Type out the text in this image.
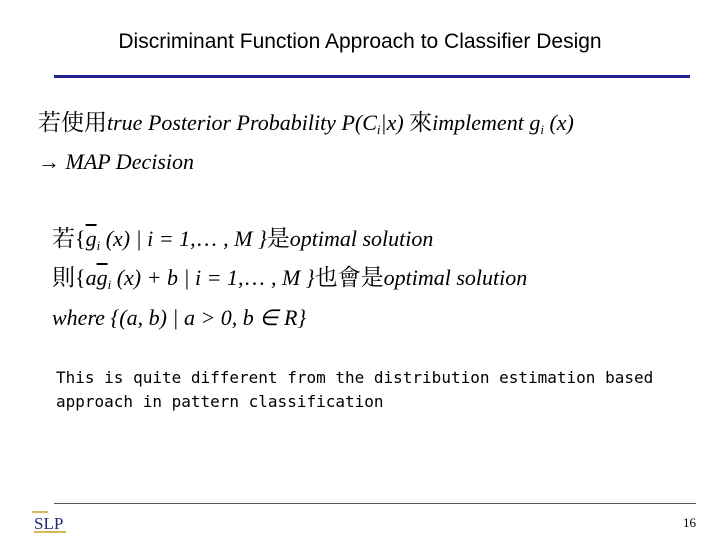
Discriminant Function Approach to Classifier Design
若使用true Posterior Probability $P(C_i|x)$ 來implement $g_i$ (x)
→ MAP Decision
若{$\overline{g}_i$ (x) | i = 1,… , M }是optimal solution
則{$a\overline{g}_i$ (x) + b | i = 1,… , M }也會是optimal solution
where {(a, b) | a > 0, b ∈ R}
This is quite different from the distribution estimation based approach in pattern classification
SLP	16
